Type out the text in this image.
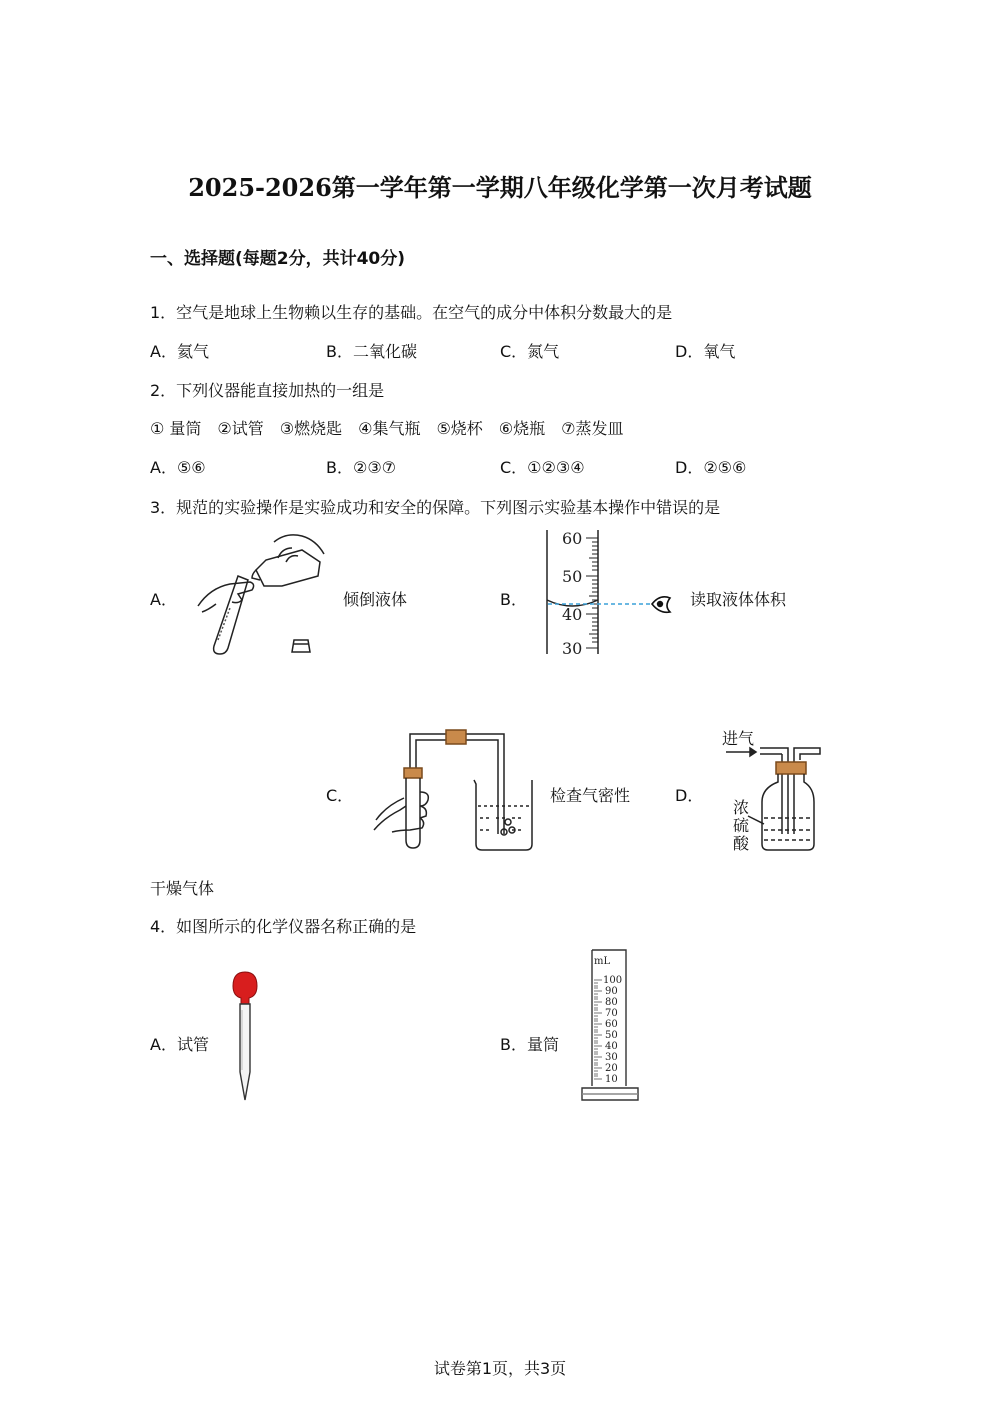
2025-2026第一学年第一学期八年级化学第一次月考试题
一、选择题(每题2分，共计40分)
1．空气是地球上生物赖以生存的基础。在空气的成分中体积分数最大的是
A．氦气	B．二氧化碳	C．氮气	D．氧气
2．下列仪器能直接加热的一组是
① 量筒　②试管　③燃烧匙　④集气瓶　⑤烧杯　⑥烧瓶　⑦蒸发皿
A．⑤⑥	B．②③⑦	C．①②③④	D．②⑤⑥
3．规范的实验操作是实验成功和安全的保障。下列图示实验基本操作中错误的是
A．	倾倒液体	B．
60
50
40
30
读取液体体积
C．	检查气密性	D．
进气
浓
硫
酸
干燥气体
4．如图所示的化学仪器名称正确的是
A．试管	B．量筒
mL
100
90
80
70
60
50
40
30
20
10
试卷第1页，共3页
